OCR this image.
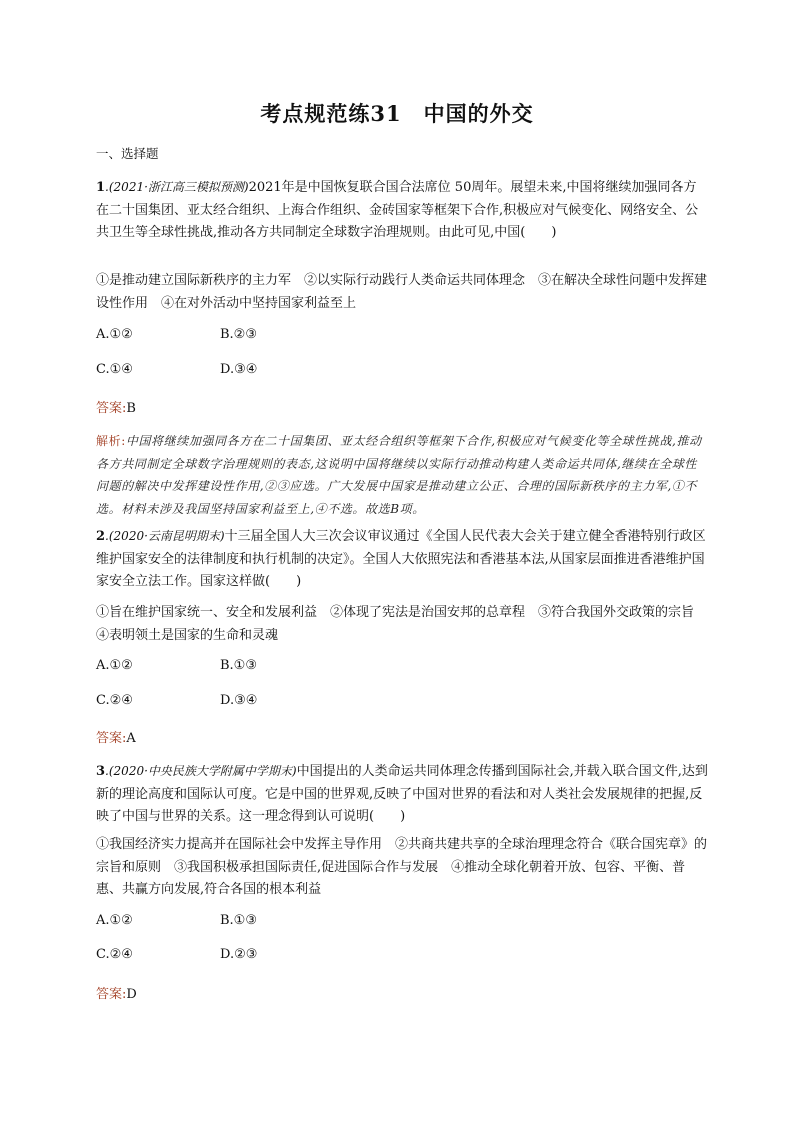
考点规范练31　中国的外交
一、选择题
1.(2021·浙江高三模拟预测)2021年是中国恢复联合国合法席位 50周年。展望未来,中国将继续加强同各方在二十国集团、亚太经合组织、上海合作组织、金砖国家等框架下合作,积极应对气候变化、网络安全、公共卫生等全球性挑战,推动各方共同制定全球数字治理规则。由此可见,中国(　　)
①是推动建立国际新秩序的主力军　②以实际行动践行人类命运共同体理念　③在解决全球性问题中发挥建设性作用　④在对外活动中坚持国家利益至上
A.①②	B.②③
C.①④	D.③④
答案:B
解析:中国将继续加强同各方在二十国集团、亚太经合组织等框架下合作,积极应对气候变化等全球性挑战,推动各方共同制定全球数字治理规则的表态,这说明中国将继续以实际行动推动构建人类命运共同体,继续在全球性问题的解决中发挥建设性作用,②③应选。广大发展中国家是推动建立公正、合理的国际新秩序的主力军,①不选。材料未涉及我国坚持国家利益至上,④不选。故选B项。
2.(2020·云南昆明期末)十三届全国人大三次会议审议通过《全国人民代表大会关于建立健全香港特别行政区维护国家安全的法律制度和执行机制的决定》。全国人大依照宪法和香港基本法,从国家层面推进香港维护国家安全立法工作。国家这样做(　　)
①旨在维护国家统一、安全和发展利益　②体现了宪法是治国安邦的总章程　③符合我国外交政策的宗旨　④表明领土是国家的生命和灵魂
A.①②	B.①③
C.②④	D.③④
答案:A
3.(2020·中央民族大学附属中学期末)中国提出的人类命运共同体理念传播到国际社会,并载入联合国文件,达到新的理论高度和国际认可度。它是中国的世界观,反映了中国对世界的看法和对人类社会发展规律的把握,反映了中国与世界的关系。这一理念得到认可说明(　　)
①我国经济实力提高并在国际社会中发挥主导作用　②共商共建共享的全球治理理念符合《联合国宪章》的宗旨和原则　③我国积极承担国际责任,促进国际合作与发展　④推动全球化朝着开放、包容、平衡、普惠、共赢方向发展,符合各国的根本利益
A.①②	B.①③
C.②④	D.②③
答案:D
